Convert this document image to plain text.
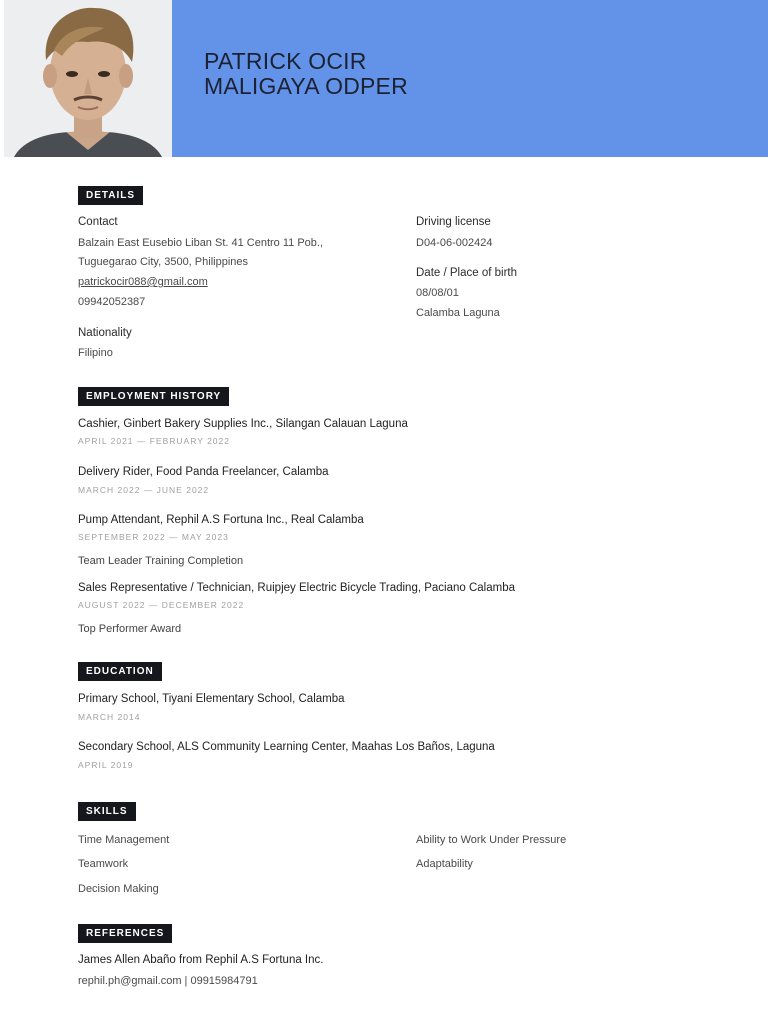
PATRICK OCIR
MALIGAYA ODPER
DETAILS
Contact
Balzain East Eusebio Liban St. 41 Centro 11 Pob.,
Tuguegarao City, 3500, Philippines
patrickocir088@gmail.com
09942052387
Nationality
Filipino
Driving license
D04-06-002424
Date / Place of birth
08/08/01
Calamba Laguna
EMPLOYMENT HISTORY
Cashier, Ginbert Bakery Supplies Inc., Silangan Calauan Laguna
APRIL 2021 — FEBRUARY 2022
Delivery Rider, Food Panda Freelancer, Calamba
MARCH 2022 — JUNE 2022
Pump Attendant, Rephil A.S Fortuna Inc., Real Calamba
SEPTEMBER 2022 — MAY 2023
Team Leader Training Completion
Sales Representative / Technician, Ruipjey Electric Bicycle Trading, Paciano Calamba
AUGUST 2022 — DECEMBER 2022
Top Performer Award
EDUCATION
Primary School, Tiyani Elementary School, Calamba
MARCH 2014
Secondary School, ALS Community Learning Center, Maahas Los Baños, Laguna
APRIL 2019
SKILLS
Time Management
Teamwork
Decision Making
Ability to Work Under Pressure
Adaptability
REFERENCES
James Allen Abaño from Rephil A.S Fortuna Inc.
rephil.ph@gmail.com | 09915984791
